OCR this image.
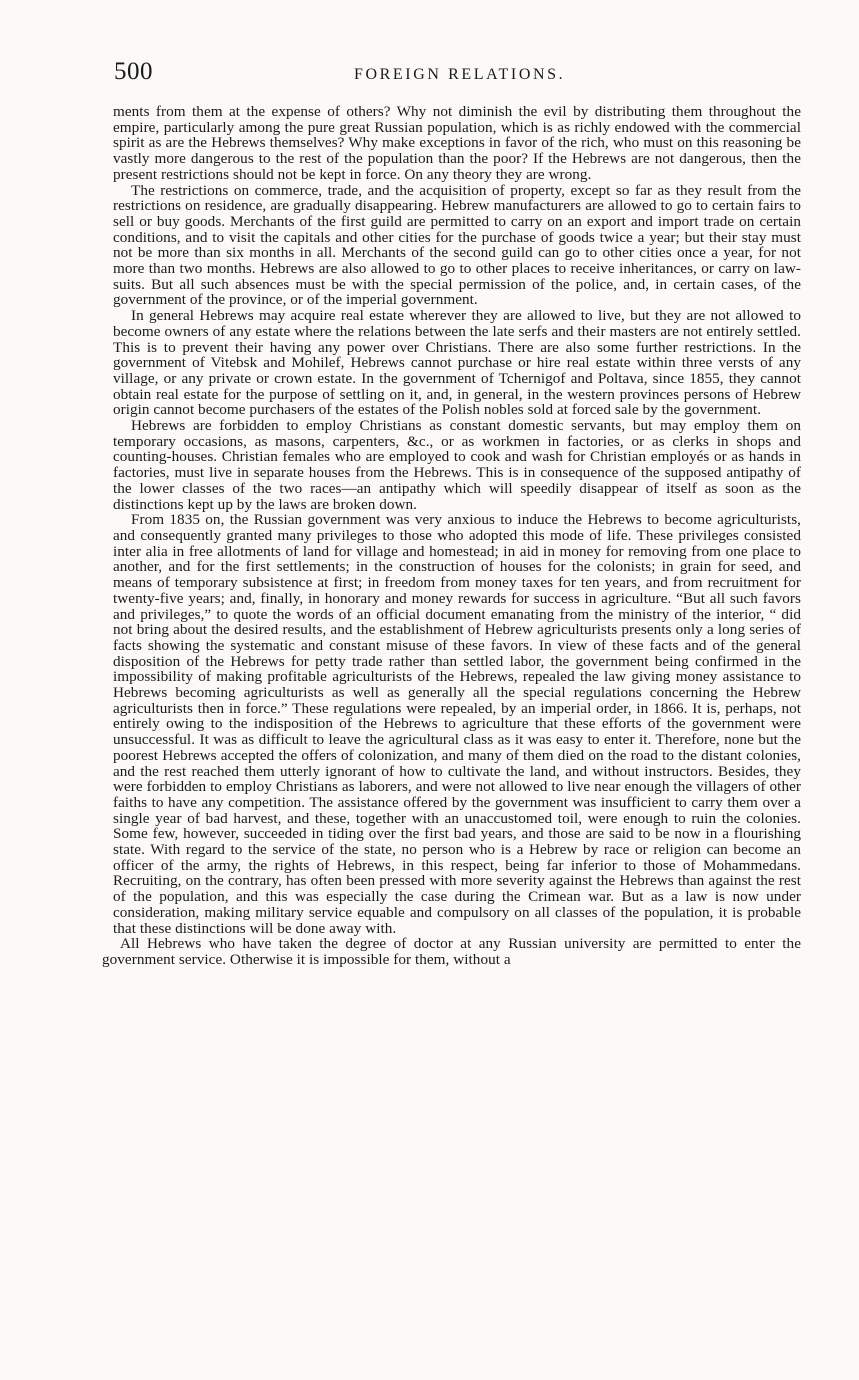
500	FOREIGN RELATIONS.

ments from them at the expense of others? Why not diminish the evil by distributing them throughout the empire, particularly among the pure great Russian population, which is as richly endowed with the commercial spirit as are the Hebrews themselves? Why make exceptions in favor of the rich, who must on this reasoning be vastly more dangerous to the rest of the population than the poor? If the Hebrews are not dangerous, then the present restrictions should not be kept in force. On any theory they are wrong.

The restrictions on commerce, trade, and the acquisition of property, except so far as they result from the restrictions on residence, are gradually disappearing. Hebrew manufacturers are allowed to go to certain fairs to sell or buy goods. Merchants of the first guild are permitted to carry on an export and import trade on certain conditions, and to visit the capitals and other cities for the purchase of goods twice a year; but their stay must not be more than six months in all. Merchants of the second guild can go to other cities once a year, for not more than two months. Hebrews are also allowed to go to other places to receive inheritances, or carry on law-suits. But all such absences must be with the special permission of the police, and, in certain cases, of the government of the province, or of the imperial government.

In general Hebrews may acquire real estate wherever they are allowed to live, but they are not allowed to become owners of any estate where the relations between the late serfs and their masters are not entirely settled. This is to prevent their having any power over Christians. There are also some further restrictions. In the government of Vitebsk and Mohilef, Hebrews cannot purchase or hire real estate within three versts of any village, or any private or crown estate. In the government of Tchernigof and Poltava, since 1855, they cannot obtain real estate for the purpose of settling on it, and, in general, in the western provinces persons of Hebrew origin cannot become purchasers of the estates of the Polish nobles sold at forced sale by the government.

Hebrews are forbidden to employ Christians as constant domestic servants, but may employ them on temporary occasions, as masons, carpenters, &c., or as workmen in factories, or as clerks in shops and counting-houses. Christian females who are employed to cook and wash for Christian employés or as hands in factories, must live in separate houses from the Hebrews. This is in consequence of the supposed antipathy of the lower classes of the two races—an antipathy which will speedily disappear of itself as soon as the distinctions kept up by the laws are broken down.

From 1835 on, the Russian government was very anxious to induce the Hebrews to become agriculturists, and consequently granted many privileges to those who adopted this mode of life. These privileges consisted inter alia in free allotments of land for village and homestead; in aid in money for removing from one place to another, and for the first settlements; in the construction of houses for the colonists; in grain for seed, and means of temporary subsistence at first; in freedom from money taxes for ten years, and from recruitment for twenty-five years; and, finally, in honorary and money rewards for success in agriculture. “But all such favors and privileges,” to quote the words of an official document emanating from the ministry of the interior, “ did not bring about the desired results, and the establishment of Hebrew agriculturists presents only a long series of facts showing the systematic and constant misuse of these favors. In view of these facts and of the general disposition of the Hebrews for petty trade rather than settled labor, the government being confirmed in the impossibility of making profitable agriculturists of the Hebrews, repealed the law giving money assistance to Hebrews becoming agriculturists as well as generally all the special regulations concerning the Hebrew agriculturists then in force.” These regulations were repealed, by an imperial order, in 1866. It is, perhaps, not entirely owing to the indisposition of the Hebrews to agriculture that these efforts of the government were unsuccessful. It was as difficult to leave the agricultural class as it was easy to enter it. Therefore, none but the poorest Hebrews accepted the offers of colonization, and many of them died on the road to the distant colonies, and the rest reached them utterly ignorant of how to cultivate the land, and without instructors. Besides, they were forbidden to employ Christians as laborers, and were not allowed to live near enough the villagers of other faiths to have any competition. The assistance offered by the government was insufficient to carry them over a single year of bad harvest, and these, together with an unaccustomed toil, were enough to ruin the colonies. Some few, however, succeeded in tiding over the first bad years, and those are said to be now in a flourishing state. With regard to the service of the state, no person who is a Hebrew by race or religion can become an officer of the army, the rights of Hebrews, in this respect, being far inferior to those of Mohammedans. Recruiting, on the contrary, has often been pressed with more severity against the Hebrews than against the rest of the population, and this was especially the case during the Crimean war. But as a law is now under consideration, making military service equable and compulsory on all classes of the population, it is probable that these distinctions will be done away with.

All Hebrews who have taken the degree of doctor at any Russian university are permitted to enter the government service. Otherwise it is impossible for them, without a
